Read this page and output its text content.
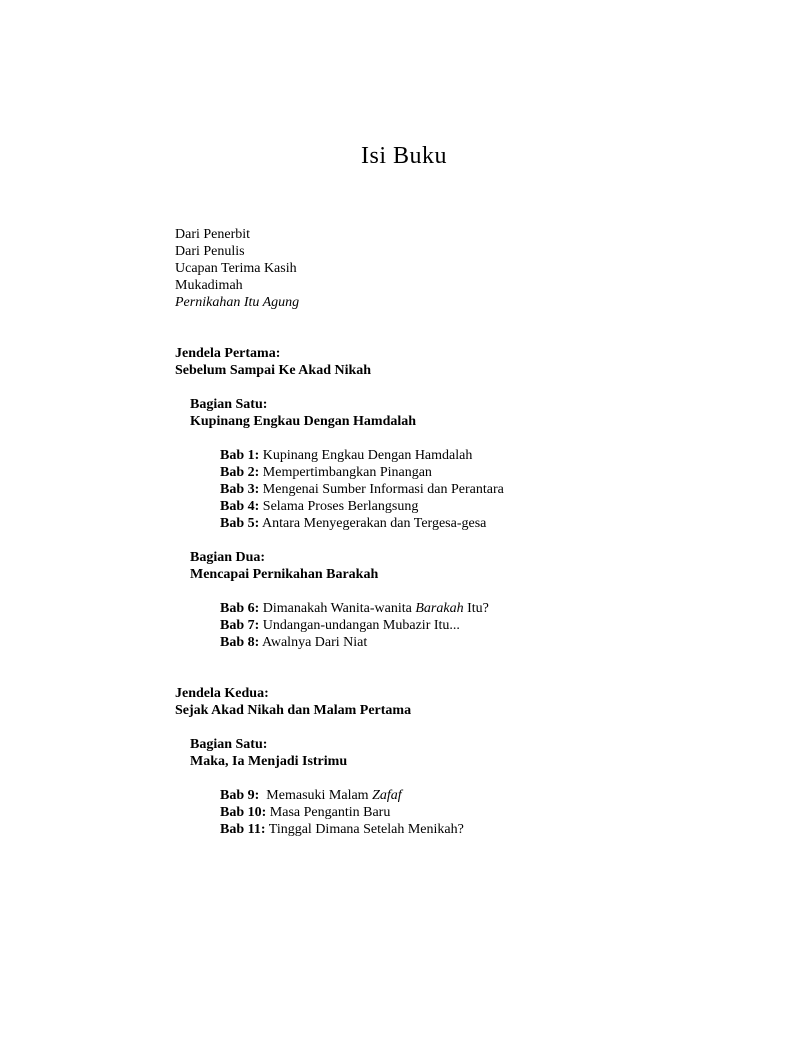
Isi Buku
Dari Penerbit
Dari Penulis
Ucapan Terima Kasih
Mukadimah
Pernikahan Itu Agung
Jendela Pertama:
Sebelum Sampai Ke Akad Nikah
Bagian Satu:
Kupinang Engkau Dengan Hamdalah
Bab 1: Kupinang Engkau Dengan Hamdalah
Bab 2: Mempertimbangkan Pinangan
Bab 3: Mengenai Sumber Informasi dan Perantara
Bab 4: Selama Proses Berlangsung
Bab 5: Antara Menyegerakan dan Tergesa-gesa
Bagian Dua:
Mencapai Pernikahan Barakah
Bab 6: Dimanakah Wanita-wanita Barakah Itu?
Bab 7: Undangan-undangan Mubazir Itu...
Bab 8: Awalnya Dari Niat
Jendela Kedua:
Sejak Akad Nikah dan Malam Pertama
Bagian Satu:
Maka, Ia Menjadi Istrimu
Bab 9: Memasuki Malam Zafaf
Bab 10: Masa Pengantin Baru
Bab 11: Tinggal Dimana Setelah Menikah?
